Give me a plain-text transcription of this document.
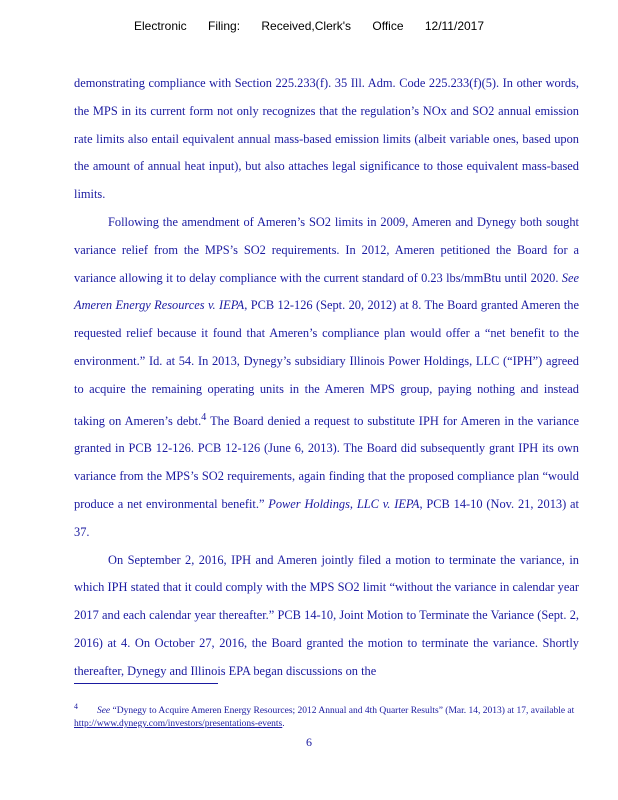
Electronic Filing: Received,Clerk's Office 12/11/2017

demonstrating compliance with Section 225.233(f). 35 Ill. Adm. Code 225.233(f)(5). In other words, the MPS in its current form not only recognizes that the regulation’s NOx and SO2 annual emission rate limits also entail equivalent annual mass-based emission limits (albeit variable ones, based upon the amount of annual heat input), but also attaches legal significance to those equivalent mass-based limits.

Following the amendment of Ameren’s SO2 limits in 2009, Ameren and Dynegy both sought variance relief from the MPS’s SO2 requirements. In 2012, Ameren petitioned the Board for a variance allowing it to delay compliance with the current standard of 0.23 lbs/mmBtu until 2020. See Ameren Energy Resources v. IEPA, PCB 12-126 (Sept. 20, 2012) at 8. The Board granted Ameren the requested relief because it found that Ameren’s compliance plan would offer a “net benefit to the environment.” Id. at 54. In 2013, Dynegy’s subsidiary Illinois Power Holdings, LLC (“IPH”) agreed to acquire the remaining operating units in the Ameren MPS group, paying nothing and instead taking on Ameren’s debt.$^4$ The Board denied a request to substitute IPH for Ameren in the variance granted in PCB 12-126. PCB 12-126 (June 6, 2013). The Board did subsequently grant IPH its own variance from the MPS’s SO2 requirements, again finding that the proposed compliance plan “would produce a net environmental benefit.” Power Holdings, LLC v. IEPA, PCB 14-10 (Nov. 21, 2013) at 37.

On September 2, 2016, IPH and Ameren jointly filed a motion to terminate the variance, in which IPH stated that it could comply with the MPS SO2 limit “without the variance in calendar year 2017 and each calendar year thereafter.” PCB 14-10, Joint Motion to Terminate the Variance (Sept. 2, 2016) at 4. On October 27, 2016, the Board granted the motion to terminate the variance. Shortly thereafter, Dynegy and Illinois EPA began discussions on the

$^4$ See “Dynegy to Acquire Ameren Energy Resources; 2012 Annual and 4th Quarter Results” (Mar. 14, 2013) at 17, available at http://www.dynegy.com/investors/presentations-events.
6
